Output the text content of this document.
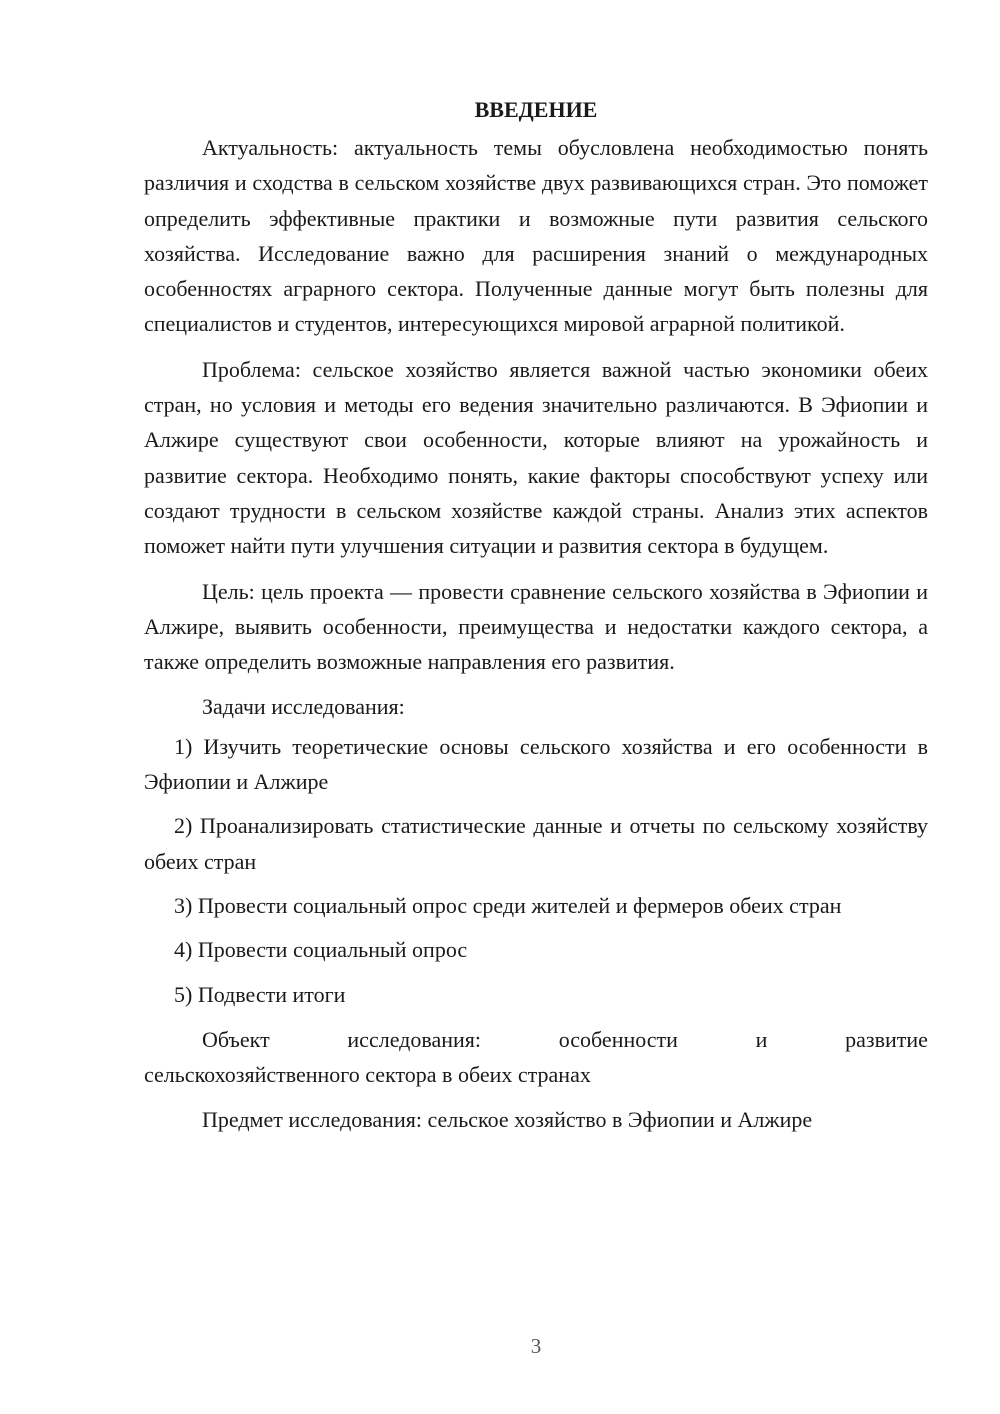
ВВЕДЕНИЕ

Актуальность: актуальность темы обусловлена необходимостью понять различия и сходства в сельском хозяйстве двух развивающихся стран. Это поможет определить эффективные практики и возможные пути развития сельского хозяйства. Исследование важно для расширения знаний о международных особенностях аграрного сектора. Полученные данные могут быть полезны для специалистов и студентов, интересующихся мировой аграрной политикой.

Проблема: сельское хозяйство является важной частью экономики обеих стран, но условия и методы его ведения значительно различаются. В Эфиопии и Алжире существуют свои особенности, которые влияют на урожайность и развитие сектора. Необходимо понять, какие факторы способствуют успеху или создают трудности в сельском хозяйстве каждой страны. Анализ этих аспектов поможет найти пути улучшения ситуации и развития сектора в будущем.

Цель: цель проекта — провести сравнение сельского хозяйства в Эфиопии и Алжире, выявить особенности, преимущества и недостатки каждого сектора, а также определить возможные направления его развития.

Задачи исследования:

1) Изучить теоретические основы сельского хозяйства и его особенности в Эфиопии и Алжире

2) Проанализировать статистические данные и отчеты по сельскому хозяйству обеих стран

3) Провести социальный опрос среди жителей и фермеров обеих стран

4) Провести социальный опрос

5) Подвести итоги

Объект	исследования:	особенности	и	развитие

сельскохозяйственного сектора в обеих странах

Предмет исследования: сельское хозяйство в Эфиопии и Алжире

3
